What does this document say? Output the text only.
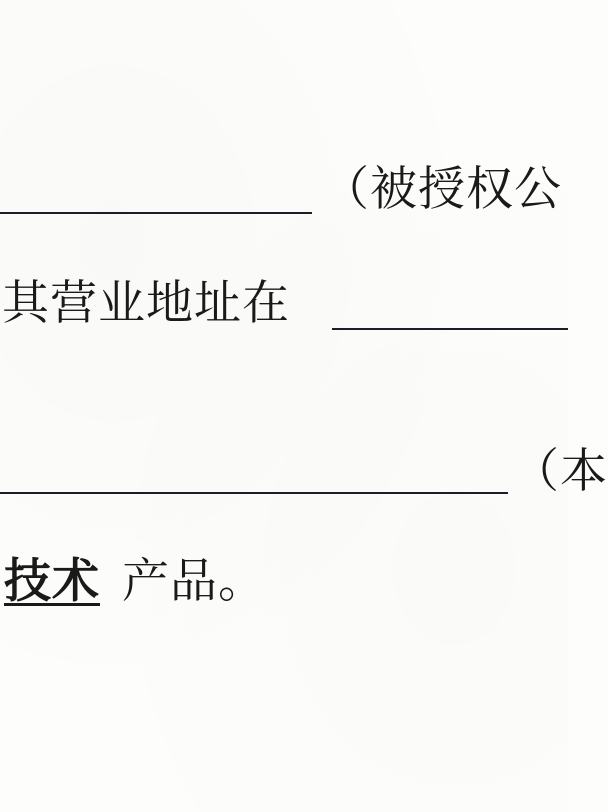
（被授权公
其营业地址在
（本
技术 产品。
